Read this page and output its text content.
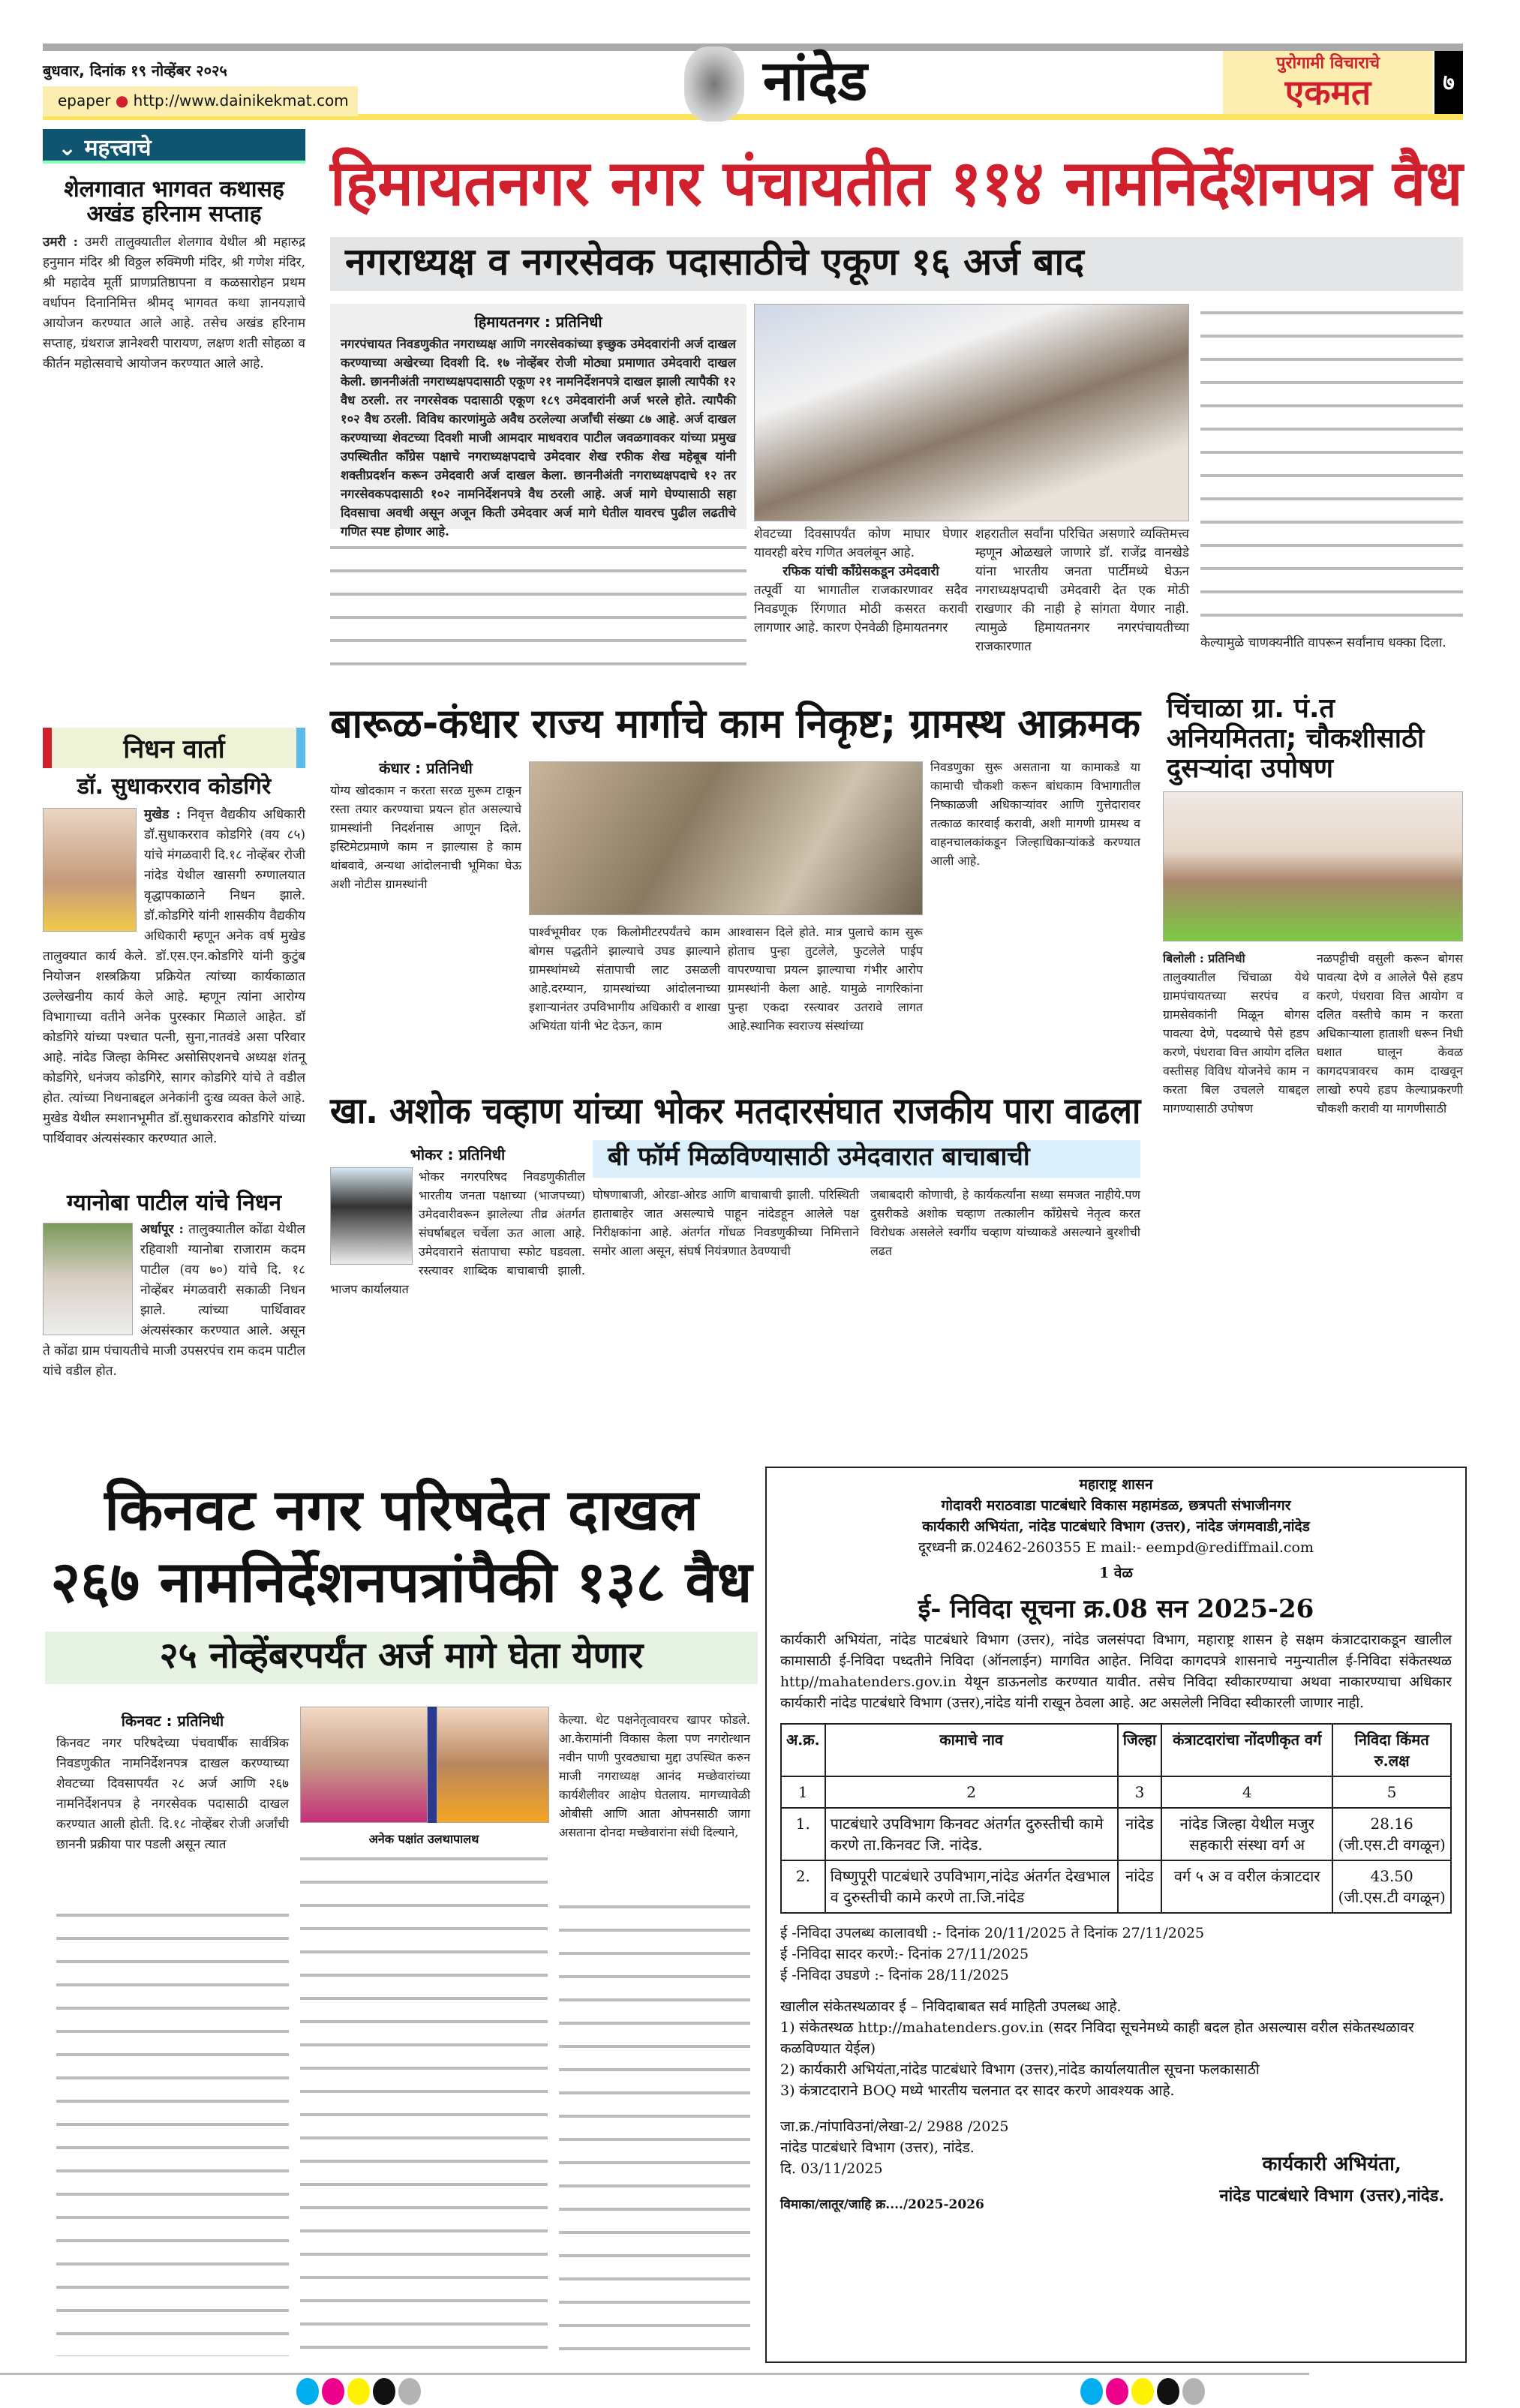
बुधवार, दिनांक १९ नोव्हेंबर २०२५
epaper ● http://www.dainikekmat.com	नांदेड	पुरोगामी विचाराचे
एकमत	७
⌄ महत्त्वाचे
शेलगावात भागवत कथासह अखंड हरिनाम सप्ताह
उमरी : उमरी तालुक्यातील शेलगाव येथील श्री महारुद्र हनुमान मंदिर श्री विठ्ठल रुक्मिणी मंदिर, श्री गणेश मंदिर, श्री महादेव मूर्ती प्राणप्रतिष्ठापना व कळसारोहन प्रथम वर्धापन दिनानिमित्त श्रीमद् भागवत कथा ज्ञानयज्ञाचे आयोजन करण्यात आले आहे. तसेच अखंड हरिनाम सप्ताह, ग्रंथराज ज्ञानेश्वरी पारायण, लक्षण शती सोहळा व कीर्तन महोत्सवाचे आयोजन करण्यात आले आहे.
निधन वार्ता
डॉ. सुधाकरराव कोडगिरे
मुखेड : निवृत्त वैद्यकीय अधिकारी डॉ.सुधाकरराव कोडगिरे (वय ८५) यांचे मंगळवारी दि.१८ नोव्हेंबर रोजी नांदेड येथील खासगी रुग्णालयात वृद्धापकाळाने निधन झाले. डॉ.कोडगिरे यांनी शासकीय वैद्यकीय अधिकारी म्हणून अनेक वर्ष मुखेड तालुक्यात कार्य केले. डॉ.एस.एन.कोडगिरे यांनी कुटुंब नियोजन शस्त्रक्रिया प्रक्रियेत त्यांच्या कार्यकाळात उल्लेखनीय कार्य केले आहे. म्हणून त्यांना आरोग्य विभागाच्या वतीने अनेक पुरस्कार मिळाले आहेत. डॉ कोडगिरे यांच्या पश्चात पत्नी, सुना,नातवंडे असा परिवार आहे. नांदेड जिल्हा केमिस्ट असोसिएशनचे अध्यक्ष शंतनू कोडगिरे, धनंजय कोडगिरे, सागर कोडगिरे यांचे ते वडील होत. त्यांच्या निधनाबद्दल अनेकांनी दुःख व्यक्त केले आहे. मुखेड येथील स्मशानभूमीत डॉ.सुधाकरराव कोडगिरे यांच्या पार्थिवावर अंत्यसंस्कार करण्यात आले.
ग्यानोबा पाटील यांचे निधन
अर्धापूर : तालुक्यातील कोंढा येथील रहिवाशी ग्यानोबा राजाराम कदम पाटील (वय ७०) यांचे दि. १८ नोव्हेंबर मंगळवारी सकाळी निधन झाले. त्यांच्या पार्थिवावर अंत्यसंस्कार करण्यात आले. असून ते कोंढा ग्राम पंचायतीचे माजी उपसरपंच राम कदम पाटील यांचे वडील होत.
हिमायतनगर नगर पंचायतीत ११४ नामनिर्देशनपत्र वैध
नगराध्यक्ष व नगरसेवक पदासाठीचे एकूण १६ अर्ज बाद
हिमायतनगर : प्रतिनिधी
नगरपंचायत निवडणुकीत नगराध्यक्ष आणि नगरसेवकांच्या इच्छुक उमेदवारांनी अर्ज दाखल करण्याच्या अखेरच्या दिवशी दि. १७ नोव्हेंबर रोजी मोठ्या प्रमाणात उमेदवारी दाखल केली. छाननीअंती नगराध्यक्षपदासाठी एकूण २१ नामनिर्देशनपत्रे दाखल झाली त्यापैकी १२ वैध ठरली. तर नगरसेवक पदासाठी एकूण १८९ उमेदवारांनी अर्ज भरले होते. त्यापैकी १०२ वैध ठरली. विविध कारणांमुळे अवैध ठरलेल्या अर्जांची संख्या ८७ आहे. अर्ज दाखल करण्याच्या शेवटच्या दिवशी माजी आमदार माधवराव पाटील जवळगावकर यांच्या प्रमुख उपस्थितीत काँग्रेस पक्षाचे नगराध्यक्षपदाचे उमेदवार शेख रफीक शेख महेबूब यांनी शक्तीप्रदर्शन करून उमेदवारी अर्ज दाखल केला. छाननीअंती नगराध्यक्षपदाचे १२ तर नगरसेवकपदासाठी १०२ नामनिर्देशनपत्रे वैध ठरली आहे. अर्ज मागे घेण्यासाठी सहा दिवसाचा अवधी असून अजून किती उमेदवार अर्ज मागे घेतील यावरच पुढील लढतीचे गणित स्पष्ट होणार आहे.	शेवटच्या दिवसापर्यंत कोण माघार घेणार यावरही बरेच गणित अवलंबून आहे.
रफिक यांची काँग्रेसकडून उमेदवारी
तत्पूर्वी या भागातील राजकारणावर सदैव निवडणूक रिंगणात मोठी कसरत करावी लागणार आहे. कारण ऐनवेळी हिमायतनगर
शहरातील सर्वांना परिचित असणारे व्यक्तिमत्त्व म्हणून ओळखले जाणारे डॉ. राजेंद्र वानखेडे यांना भारतीय जनता पार्टीमध्ये घेऊन नगराध्यक्षपदाची उमेदवारी देत एक मोठी राखणार की नाही हे सांगता येणार नाही. त्यामुळे हिमायतनगर नगरपंचायतीच्या राजकारणात	केल्यामुळे चाणक्यनीति वापरून सर्वांनाच धक्का दिला.
बारूळ-कंधार राज्य मार्गाचे काम निकृष्ट; ग्रामस्थ आक्रमक
कंधार : प्रतिनिधी
योग्य खोदकाम न करता सरळ मुरूम टाकून रस्ता तयार करण्याचा प्रयत्न होत असल्याचे ग्रामस्थांनी निदर्शनास आणून दिले. इस्टिमेटप्रमाणे काम न झाल्यास हे काम थांबवावे, अन्यथा आंदोलनाची भूमिका घेऊ अशी नोटीस ग्रामस्थांनी
पार्श्वभूमीवर एक किलोमीटरपर्यंतचे काम बोगस पद्धतीने झाल्याचे उघड झाल्याने ग्रामस्थांमध्ये संतापाची लाट उसळली आहे.दरम्यान, ग्रामस्थांच्या आंदोलनाच्या इशाऱ्यानंतर उपविभागीय अधिकारी व शाखा अभियंता यांनी भेट देऊन, काम
आश्वासन दिले होते. मात्र पुलाचे काम सुरू होताच पुन्हा तुटलेले, फुटलेले पाईप वापरण्याचा प्रयत्न झाल्याचा गंभीर आरोप ग्रामस्थांनी केला आहे. यामुळे नागरिकांना पुन्हा एकदा रस्त्यावर उतरावे लागत आहे.स्थानिक स्वराज्य संस्थांच्या
निवडणुका सुरू असताना या कामाकडे या कामाची चौकशी करून बांधकाम विभागातील निष्काळजी अधिकाऱ्यांवर आणि गुत्तेदारावर तत्काळ कारवाई करावी, अशी मागणी ग्रामस्थ व वाहनचालकांकडून जिल्हाधिकाऱ्यांकडे करण्यात आली आहे.
चिंचाळा ग्रा. पं.त अनियमितता; चौकशीसाठी दुसऱ्यांदा उपोषण
बिलोली : प्रतिनिधी
तालुक्यातील चिंचाळा येथे ग्रामपंचायतच्या सरपंच व ग्रामसेवकांनी मिळून बोगस पावत्या देणे, पदव्याचे पैसे हडप करणे, पंधरावा वित्त आयोग दलित वस्तीसह विविध योजनेचे काम न करता बिल उचलले याबद्दल मागण्यासाठी उपोषण
नळपट्टीची वसुली करून बोगस पावत्या देणे व आलेले पैसे हडप करणे, पंधरावा वित्त आयोग व दलित वस्तीचे काम न करता अधिकाऱ्याला हाताशी धरून निधी घशात घालून केवळ कागदपत्रावरच काम दाखवून लाखो रुपये हडप केल्याप्रकरणी चौकशी करावी या मागणीसाठी
खा. अशोक चव्हाण यांच्या भोकर मतदारसंघात राजकीय पारा वाढला
बी फॉर्म मिळविण्यासाठी उमेदवारात बाचाबाची
भोकर : प्रतिनिधी
भोकर नगरपरिषद निवडणुकीतील भारतीय जनता पक्षाच्या (भाजपच्या) उमेदवारीवरून झालेल्या तीव्र अंतर्गत संघर्षाबद्दल चर्चेला ऊत आला आहे. उमेदवाराने संतापाचा स्फोट घडवला. रस्त्यावर शाब्दिक बाचाबाची झाली. भाजप कार्यालयात
घोषणाबाजी, ओरडा-ओरड आणि बाचाबाची झाली. परिस्थिती हाताबाहेर जात असल्याचे पाहून नांदेडहून आलेले पक्ष निरीक्षकांना आहे. अंतर्गत गोंधळ निवडणुकीच्या निमित्ताने समोर आला असून, संघर्ष नियंत्रणात ठेवण्याची
जबाबदारी कोणाची, हे कार्यकर्त्यांना सध्या समजत नाहीये.पण दुसरीकडे अशोक चव्हाण तत्कालीन काँग्रेसचे नेतृत्व करत विरोधक असलेले स्वर्गीय चव्हाण यांच्याकडे असल्याने बुरशीची लढत
किनवट नगर परिषदेत दाखल
२६७ नामनिर्देशनपत्रांपैकी १३८ वैध
२५ नोव्हेंबरपर्यंत अर्ज मागे घेता येणार
किनवट : प्रतिनिधी
किनवट नगर परिषदेच्या पंचवार्षीक सार्वत्रिक निवडणुकीत नामनिर्देशनपत्र दाखल करण्याच्या शेवटच्या दिवसापर्यंत २८ अर्ज आणि २६७ नामनिर्देशनपत्र हे नगरसेवक पदासाठी दाखल करण्यात आली होती. दि.१८ नोव्हेंबर रोजी अर्जांची छाननी प्रक्रीया पार पडली असून त्यात	अनेक पक्षांत उलथापालथ
केल्या. थेट पक्षनेतृत्वावरच खापर फोडले. आ.केरामांनी विकास केला पण नगरोत्थान नवीन पाणी पुरवठ्याचा मुद्दा उपस्थित करुन माजी नगराध्यक्ष आनंद मच्छेवारांच्या कार्यशैलीवर आक्षेप घेतलाय. मागच्यावेळी ओबीसी आणि आता ओपनसाठी जागा असताना दोनदा मच्छेवारांना संधी दिल्याने,
महाराष्ट्र शासन
गोदावरी मराठवाडा पाटबंधारे विकास महामंडळ, छत्रपती संभाजीनगर
कार्यकारी अभियंता, नांदेड पाटबंधारे विभाग (उत्तर), नांदेड जंगमवाडी,नांदेड
दूरध्वनी क्र.02462-260355 E mail:- eempd@rediffmail.com
1 वेळ
ई- निविदा सूचना क्र.08 सन 2025-26
कार्यकारी अभियंता, नांदेड पाटबंधारे विभाग (उत्तर), नांदेड जलसंपदा विभाग, महाराष्ट्र शासन हे सक्षम कंत्राटदाराकडून खालील कामासाठी ई-निविदा पध्दतीने निविदा (ऑनलाईन) मागवित आहेत. निविदा कागदपत्रे शासनाचे नमुन्यातील ई-निविदा संकेतस्थळ http//mahatenders.gov.in येथून डाऊनलोड करण्यात यावीत. तसेच निविदा स्वीकारण्याचा अथवा नाकारण्याचा अधिकार कार्यकारी नांदेड पाटबंधारे विभाग (उत्तर),नांदेड यांनी राखून ठेवला आहे. अट असलेली निविदा स्वीकारली जाणार नाही.
अ.क्र.	कामाचे नाव	जिल्हा	कंत्राटदारांचा नोंदणीकृत वर्ग	निविदा किंमत रु.लक्ष
1	2	3	4	5
1.	पाटबंधारे उपविभाग किनवट अंतर्गत दुरुस्तीची कामे करणे ता.किनवट जि. नांदेड.	नांदेड	नांदेड जिल्हा येथील मजुर सहकारी संस्था वर्ग अ	28.16 (जी.एस.टी वगळून)
2.	विष्णुपूरी पाटबंधारे उपविभाग,नांदेड अंतर्गत देखभाल व दुरुस्तीची कामे करणे ता.जि.नांदेड	नांदेड	वर्ग ५ अ व वरील कंत्राटदार	43.50 (जी.एस.टी वगळून)
ई -निविदा उपलब्ध कालावधी :- दिनांक 20/11/2025 ते दिनांक 27/11/2025
ई -निविदा सादर करणे:- दिनांक 27/11/2025
ई -निविदा उघडणे :- दिनांक 28/11/2025
खालील संकेतस्थळावर ई – निविदाबाबत सर्व माहिती उपलब्ध आहे.
1) संकेतस्थळ http://mahatenders.gov.in (सदर निविदा सूचनेमध्ये काही बदल होत असल्यास वरील संकेतस्थळावर कळविण्यात येईल)
2) कार्यकारी अभियंता,नांदेड पाटबंधारे विभाग (उत्तर),नांदेड कार्यालयातील सूचना फलकासाठी
3) कंत्राटदाराने BOQ मध्ये भारतीय चलनात दर सादर करणे आवश्यक आहे.
जा.क्र./नांपाविउनां/लेखा-2/ 2988 /2025
नांदेड पाटबंधारे विभाग (उत्तर), नांदेड.
दि. 03/11/2025
विमाका/लातूर/जाहि क्र..../2025-2026
कार्यकारी अभियंता,
नांदेड पाटबंधारे विभाग (उत्तर),नांदेड.
